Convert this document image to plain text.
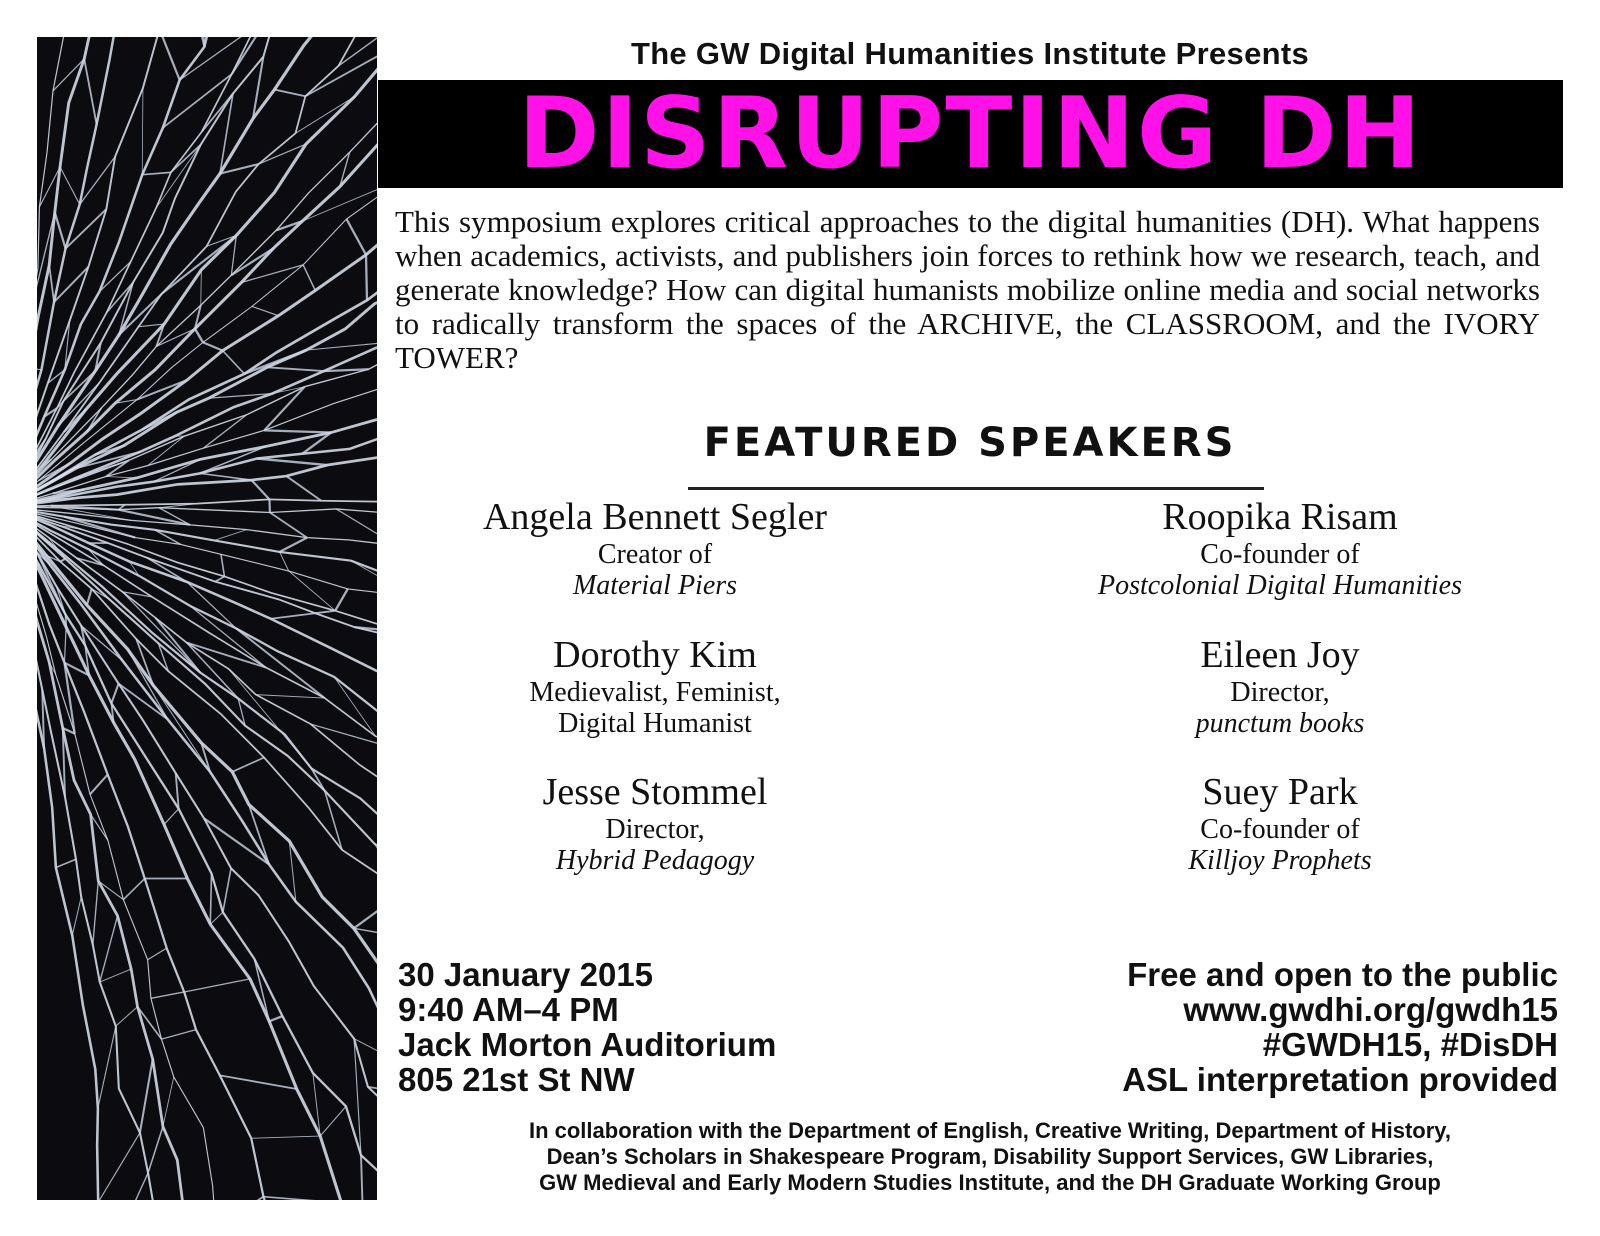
The GW Digital Humanities Institute Presents
DISRUPTING DH
This symposium explores critical approaches to the digital humanities (DH). What happens when academics, activists, and publishers join forces to rethink how we research, teach, and generate knowledge? How can digital humanists mobilize online media and social networks to radically transform the spaces of the ARCHIVE, the CLASSROOM, and the IVORY TOWER?
FEATURED SPEAKERS
Angela Bennett Segler
Creator of
Material Piers
Roopika Risam
Co-founder of
Postcolonial Digital Humanities
Dorothy Kim
Medievalist, Feminist,
Digital Humanist
Eileen Joy
Director,
punctum books
Jesse Stommel
Director,
Hybrid Pedagogy
Suey Park
Co-founder of
Killjoy Prophets
30 January 2015
9:40 AM–4 PM
Jack Morton Auditorium
805 21st St NW
Free and open to the public
www.gwdhi.org/gwdh15
#GWDH15, #DisDH
ASL interpretation provided
In collaboration with the Department of English, Creative Writing, Department of History,
Dean’s Scholars in Shakespeare Program, Disability Support Services, GW Libraries,
GW Medieval and Early Modern Studies Institute, and the DH Graduate Working Group
